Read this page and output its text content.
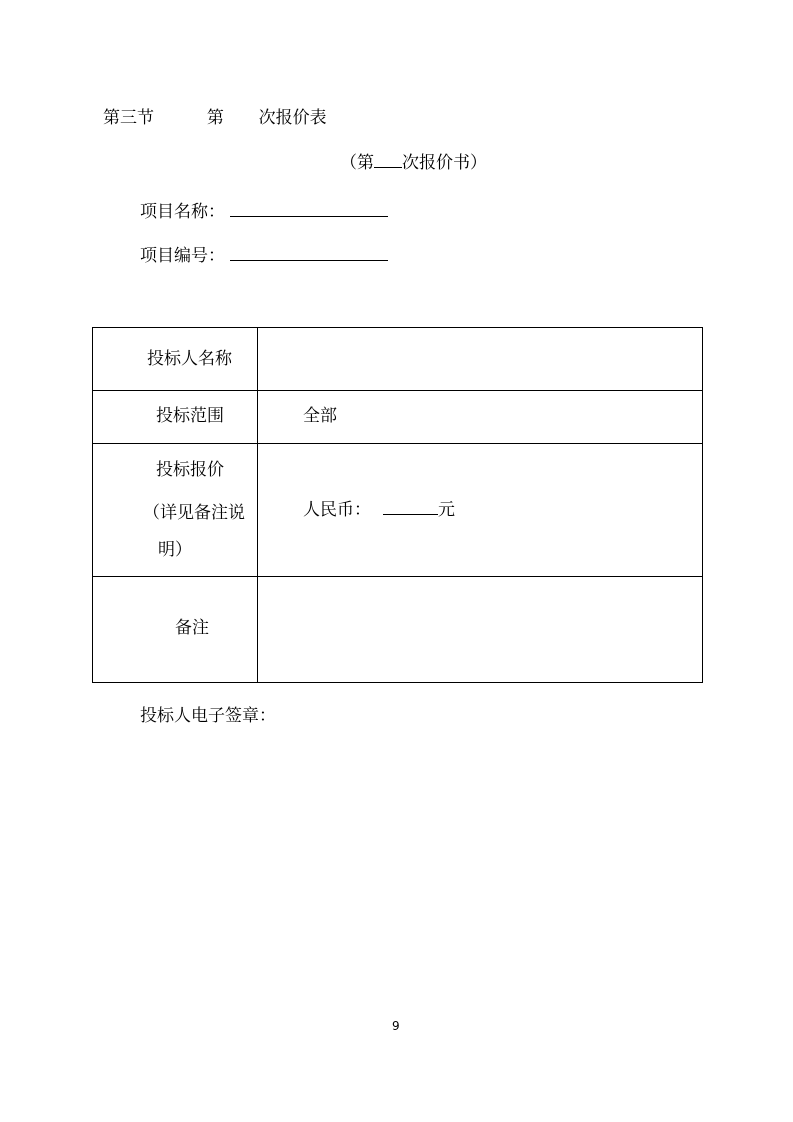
第三节	第 次报价表
（第 次报价书）
项目名称：
项目编号：
投标人名称	

投标范围	全部

投标报价
（详见备注说
明）	人民币： 元

备注	

投标人电子签章：
9
